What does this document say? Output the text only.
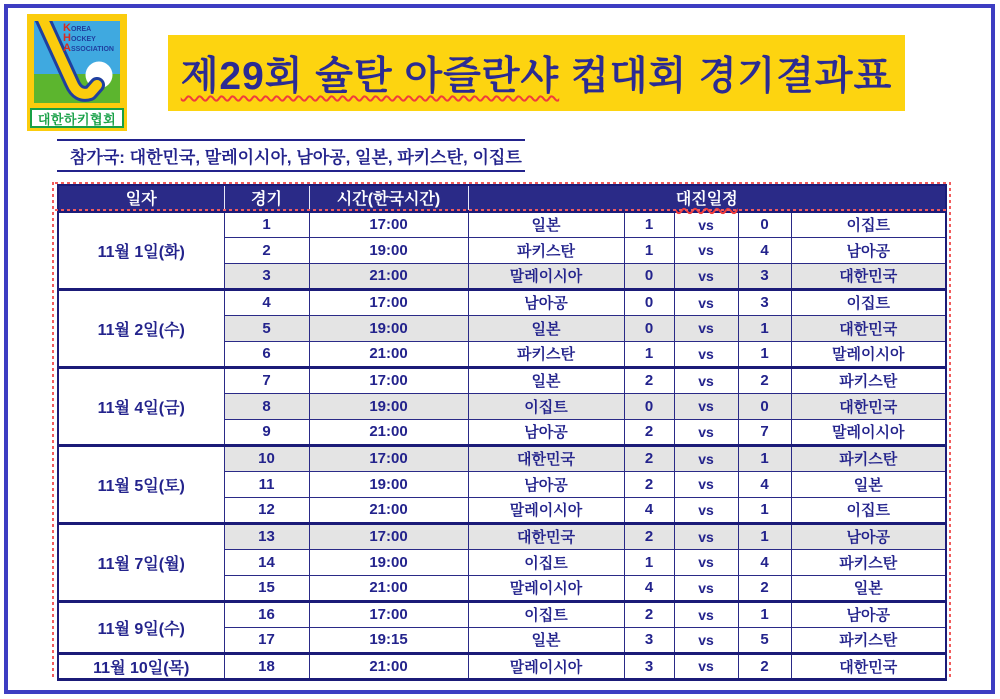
KOREA
HOCKEY
ASSOCIATION
대한하키협회
제29회 슐탄 아즐란샤 컵대회 경기결과표
참가국: 대한민국, 말레이시아, 남아공, 일본, 파키스탄, 이집트
일자	경기	시간(한국시간)	대진일정				
11월 1일(화)	1	17:00	일본	1	vs	0	이집트
	2	19:00	파키스탄	1	vs	4	남아공
	3	21:00	말레이시아	0	vs	3	대한민국
11월 2일(수)	4	17:00	남아공	0	vs	3	이집트
	5	19:00	일본	0	vs	1	대한민국
	6	21:00	파키스탄	1	vs	1	말레이시아
11월 4일(금)	7	17:00	일본	2	vs	2	파키스탄
	8	19:00	이집트	0	vs	0	대한민국
	9	21:00	남아공	2	vs	7	말레이시아
11월 5일(토)	10	17:00	대한민국	2	vs	1	파키스탄
	11	19:00	남아공	2	vs	4	일본
	12	21:00	말레이시아	4	vs	1	이집트
11월 7일(월)	13	17:00	대한민국	2	vs	1	남아공
	14	19:00	이집트	1	vs	4	파키스탄
	15	21:00	말레이시아	4	vs	2	일본
11월 9일(수)	16	17:00	이집트	2	vs	1	남아공
	17	19:15	일본	3	vs	5	파키스탄
11월 10일(목)	18	21:00	말레이시아	3	vs	2	대한민국
